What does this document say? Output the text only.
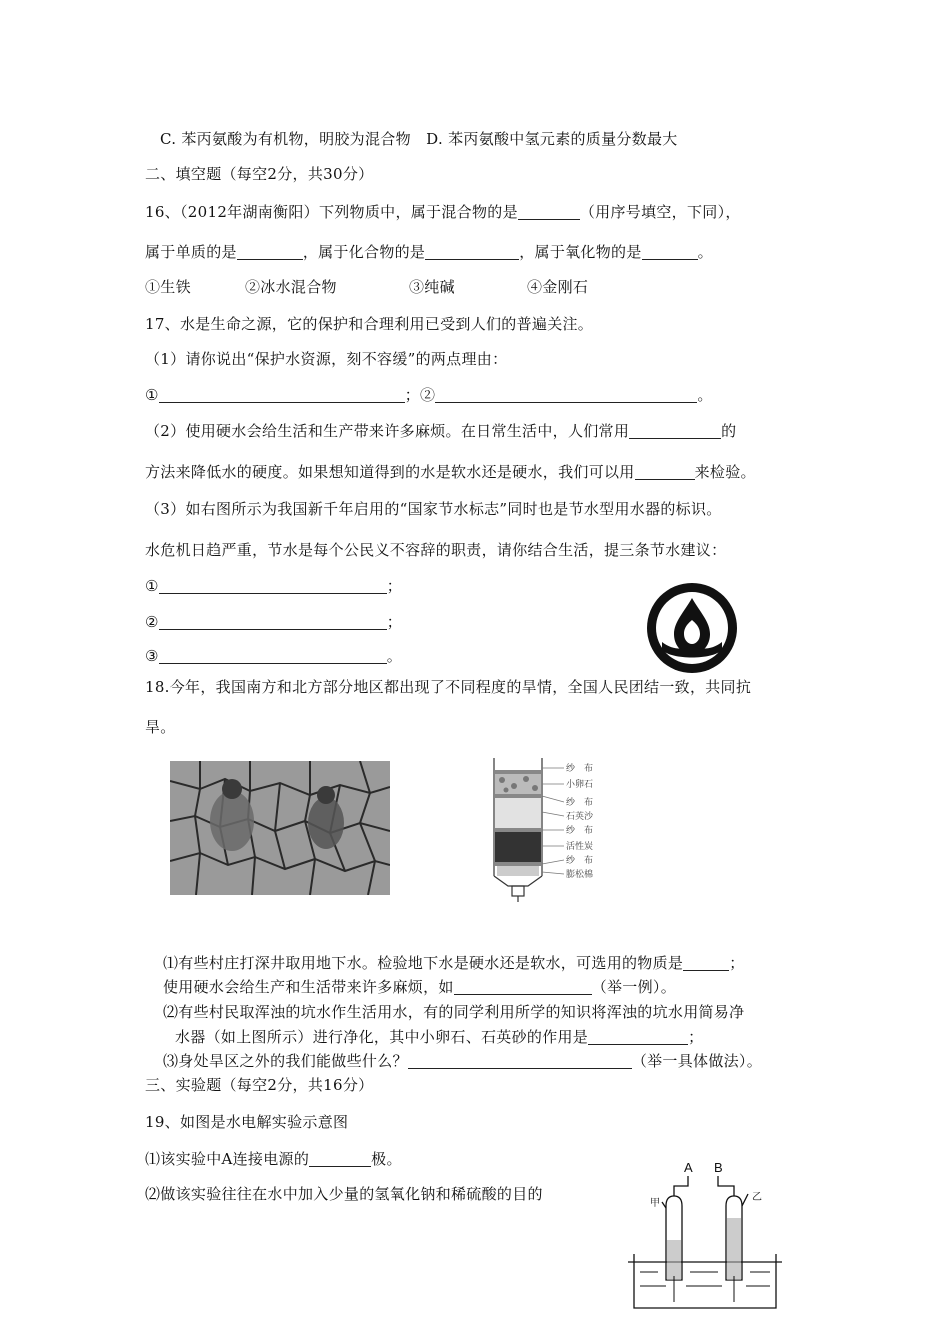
C. 苯丙氨酸为有机物，明胶为混合物　D. 苯丙氨酸中氢元素的质量分数最大
二、填空题（每空2分，共30分）
16、（2012年湖南衡阳）下列物质中，属于混合物的是	（用序号填空，下同），
属于单质的是	，属于化合物的是	，属于氧化物的是	。
①生铁	②冰水混合物	③纯碱	④金刚石
17、水是生命之源，它的保护和合理利用已受到人们的普遍关注。
（1）请你说出“保护水资源，刻不容缓”的两点理由：
①	；②	。
（2）使用硬水会给生活和生产带来许多麻烦。在日常生活中，人们常用	的
方法来降低水的硬度。如果想知道得到的水是软水还是硬水，我们可以用	来检验。
（3）如右图所示为我国新千年启用的“国家节水标志”同时也是节水型用水器的标识。
水危机日趋严重，节水是每个公民义不容辞的职责，请你结合生活，提三条节水建议：
①	；
②	；
③	。
18.今年，我国南方和北方部分地区都出现了不同程度的旱情，全国人民团结一致，共同抗
旱。
纱　布
小卵石
纱　布
石英沙
纱　布
活性炭
纱　布
膨松棉
⑴有些村庄打深井取用地下水。检验地下水是硬水还是软水，可选用的物质是	；
使用硬水会给生产和生活带来许多麻烦，如	（举一例）。
⑵有些村民取浑浊的坑水作生活用水，有的同学利用所学的知识将浑浊的坑水用简易净
水器（如上图所示）进行净化，其中小卵石、石英砂的作用是	；
⑶身处旱区之外的我们能做些什么？	（举一具体做法）。
三、实验题（每空2分，共16分）
19、如图是水电解实验示意图
⑴该实验中A连接电源的	极。
⑵做该实验往往在水中加入少量的氢氧化钠和稀硫酸的目的
A B
甲
乙
